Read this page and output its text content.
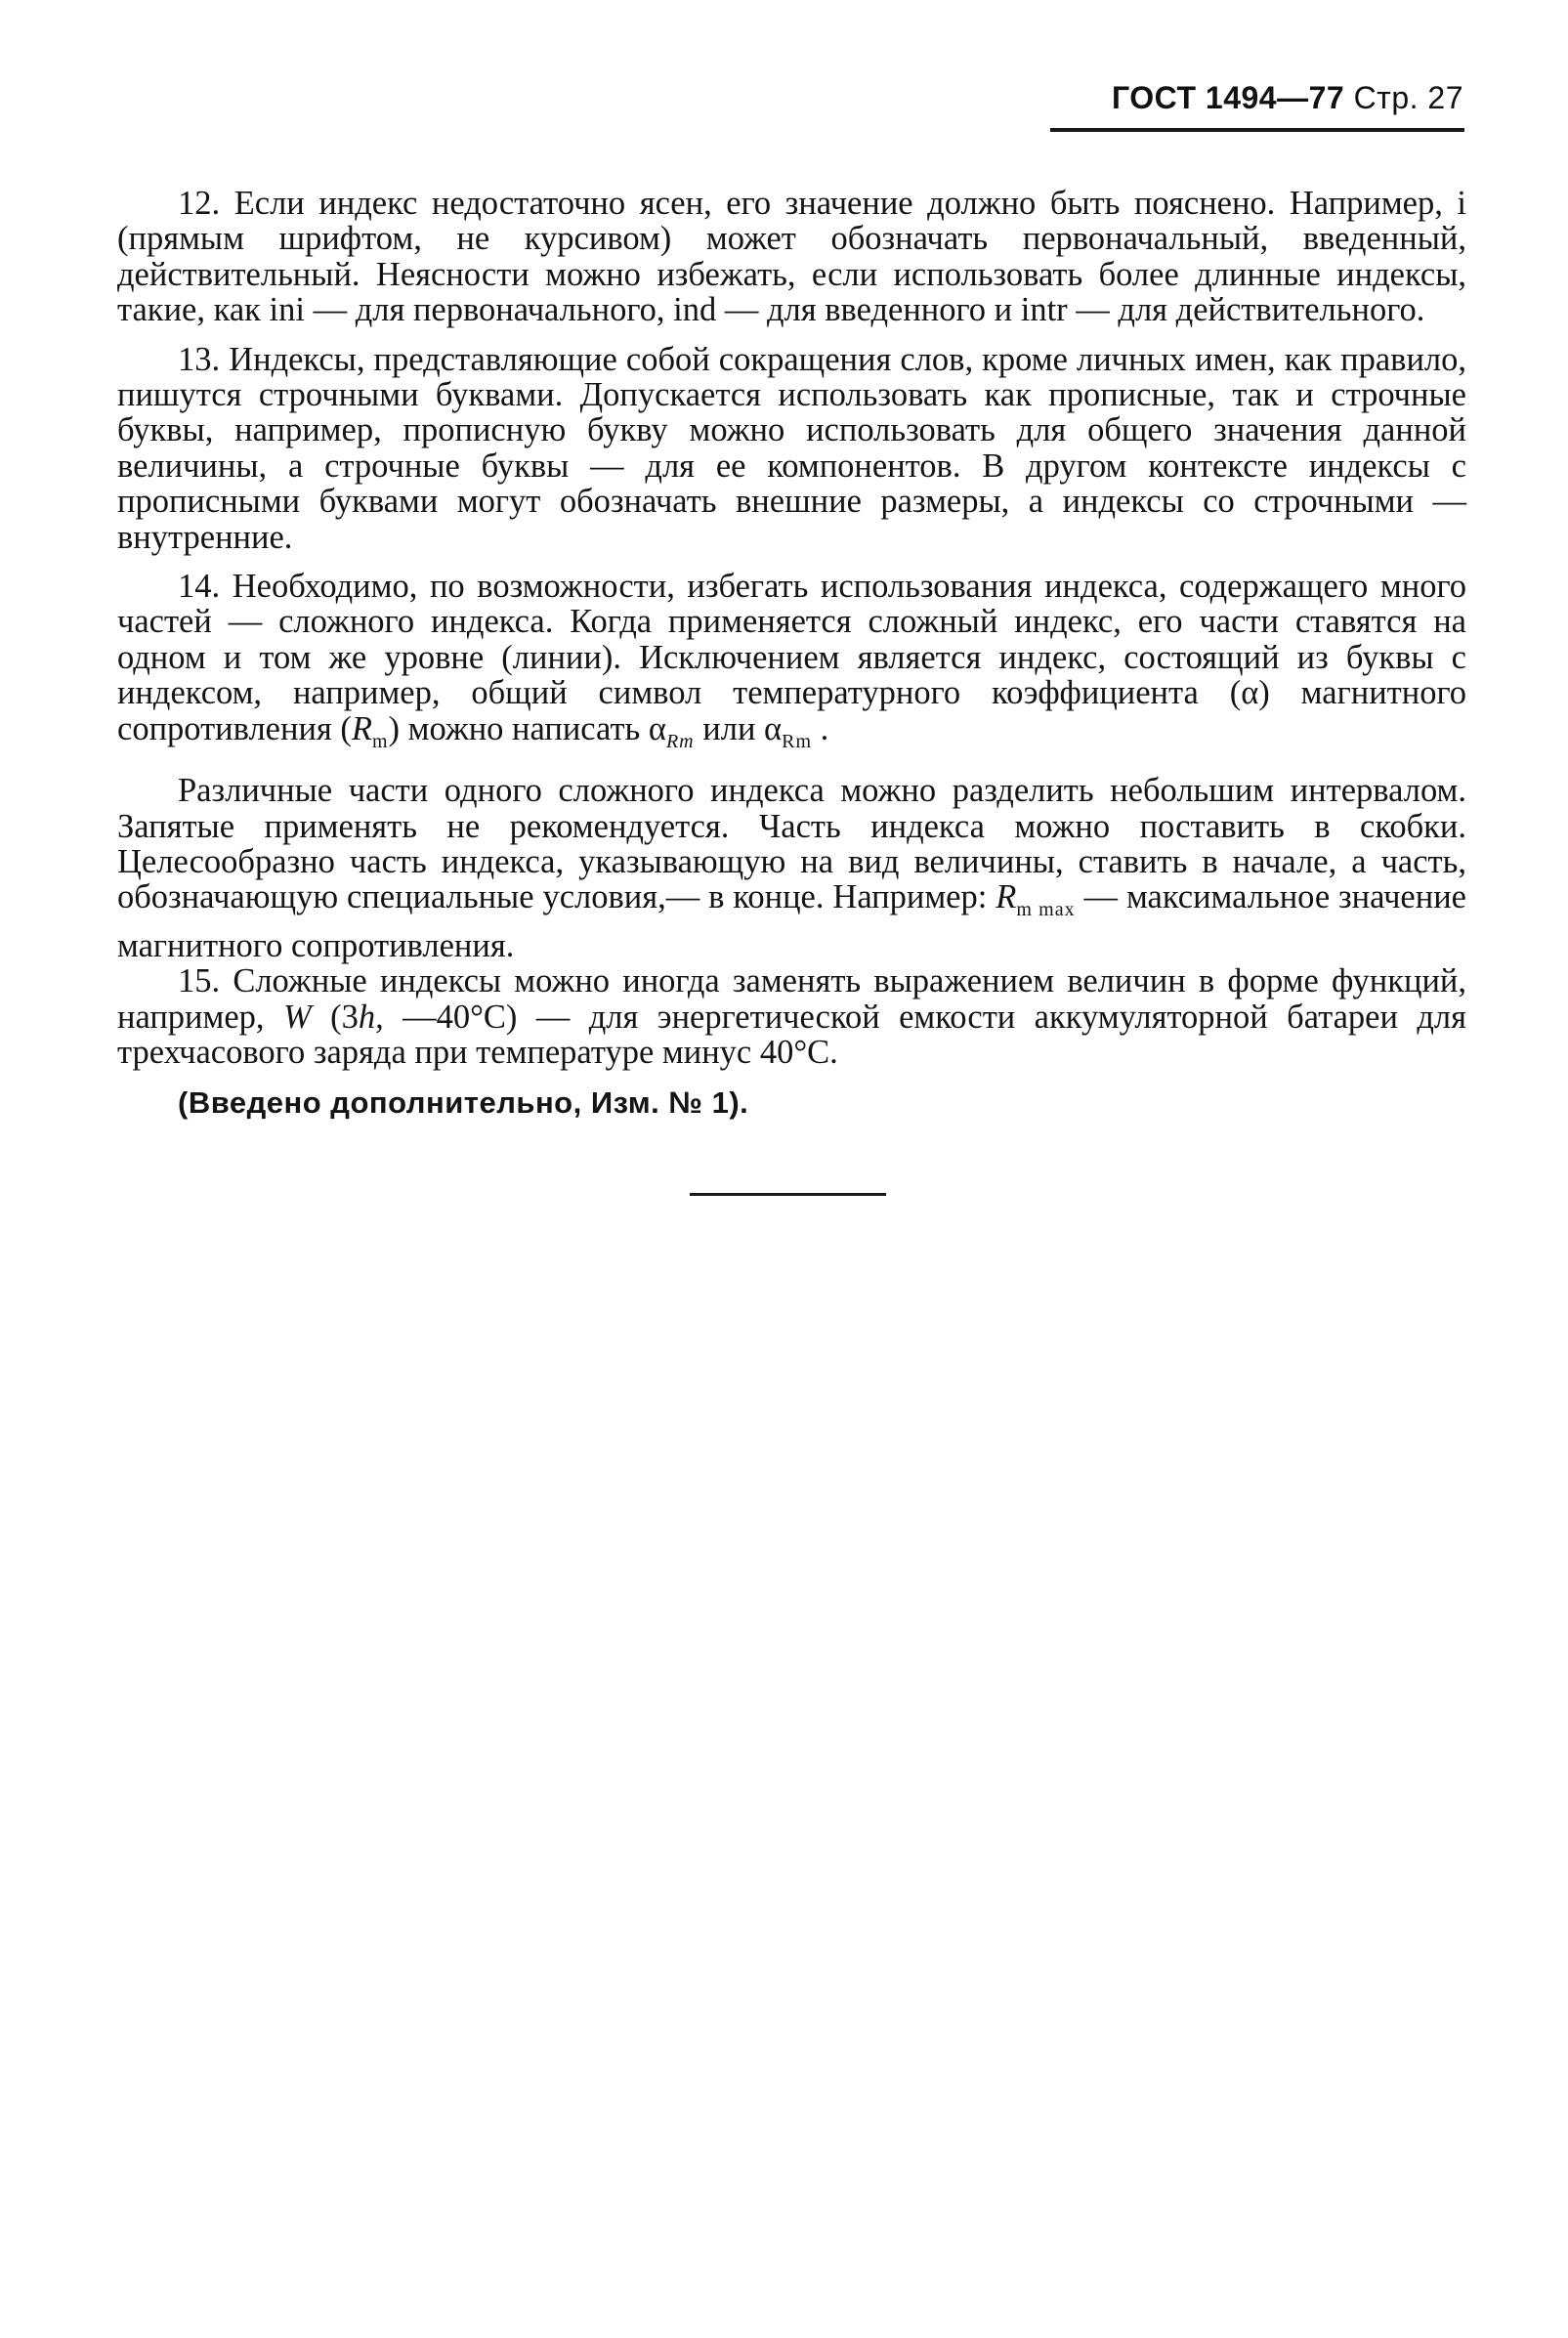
ГОСТ 1494—77 Стр. 27

12. Если индекс недостаточно ясен, его значение должно быть пояснено. Например, i (прямым шрифтом, не курсивом) может обозначать первоначальный, введенный, действительный. Неясности можно избежать, если использовать более длинные индексы, такие, как ini — для первоначального, ind — для введенного и intr — для действительного.

13. Индексы, представляющие собой сокращения слов, кроме личных имен, как правило, пишутся строчными буквами. Допускается использовать как прописные, так и строчные буквы, например, прописную букву можно использовать для общего значения данной величины, а строчные буквы — для ее компонентов. В другом контексте индексы с прописными буквами могут обозначать внешние размеры, а индексы со строчными — внутренние.

14. Необходимо, по возможности, избегать использования индекса, содержащего много частей — сложного индекса. Когда применяется сложный индекс, его части ставятся на одном и том же уровне (линии). Исключением является индекс, состоящий из буквы с индексом, например, общий символ температурного коэффициента (α) магнитного сопротивления $(R_m)$ можно написать $\alpha_{Rm}$ или $\alpha_{Rm}$ .

Различные части одного сложного индекса можно разделить небольшим интервалом. Запятые применять не рекомендуется. Часть индекса можно поставить в скобки. Целесообразно часть индекса, указывающую на вид величины, ставить в начале, а часть, обозначающую специальные условия,— в конце. Например: $R_{m max}$ — максимальное значение магнитного сопротивления.

15. Сложные индексы можно иногда заменять выражением величин в форме функций, например, W (3h, —40°С) — для энергетической емкости аккумуляторной батареи для трехчасового заряда при температуре минус 40°С.

(Введено дополнительно, Изм. № 1).
